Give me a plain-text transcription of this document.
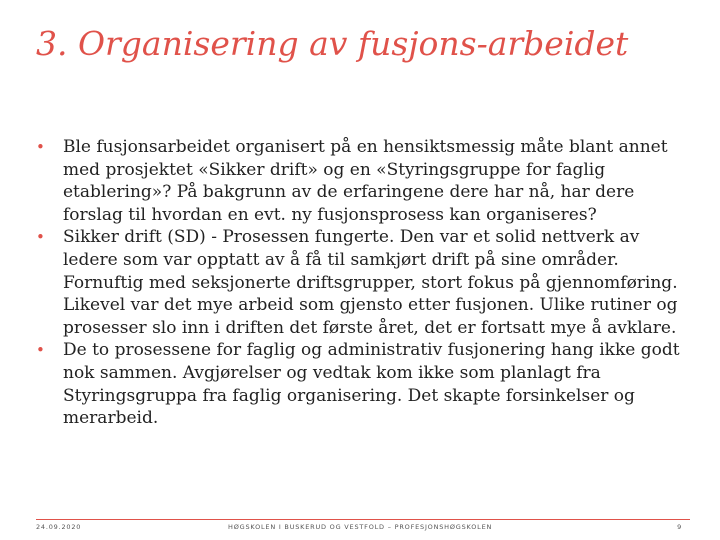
3. Organisering av fusjons-arbeidet
•	Ble fusjonsarbeidet organisert på en hensiktsmessig måte blant annet med prosjektet «Sikker drift» og en «Styringsgruppe for faglig etablering»? På bakgrunn av de erfaringene dere har nå, har dere forslag til hvordan en evt. ny fusjonsprosess kan organiseres?
•	Sikker drift (SD) - Prosessen fungerte. Den var et solid nettverk av ledere som var opptatt av å få til samkjørt drift på sine områder. Fornuftig med seksjonerte driftsgrupper, stort fokus på gjennomføring. Likevel var det mye arbeid som gjensto etter fusjonen. Ulike rutiner og prosesser slo inn i driften det første året, det er fortsatt mye å avklare.
•	De to prosessene for faglig og administrativ fusjonering hang ikke godt nok sammen. Avgjørelser og vedtak kom ikke som planlagt fra Styringsgruppa fra faglig organisering. Det skapte forsinkelser og merarbeid.
24.09.2020	HØGSKOLEN I BUSKERUD OG VESTFOLD – PROFESJONSHØGSKOLEN	9
